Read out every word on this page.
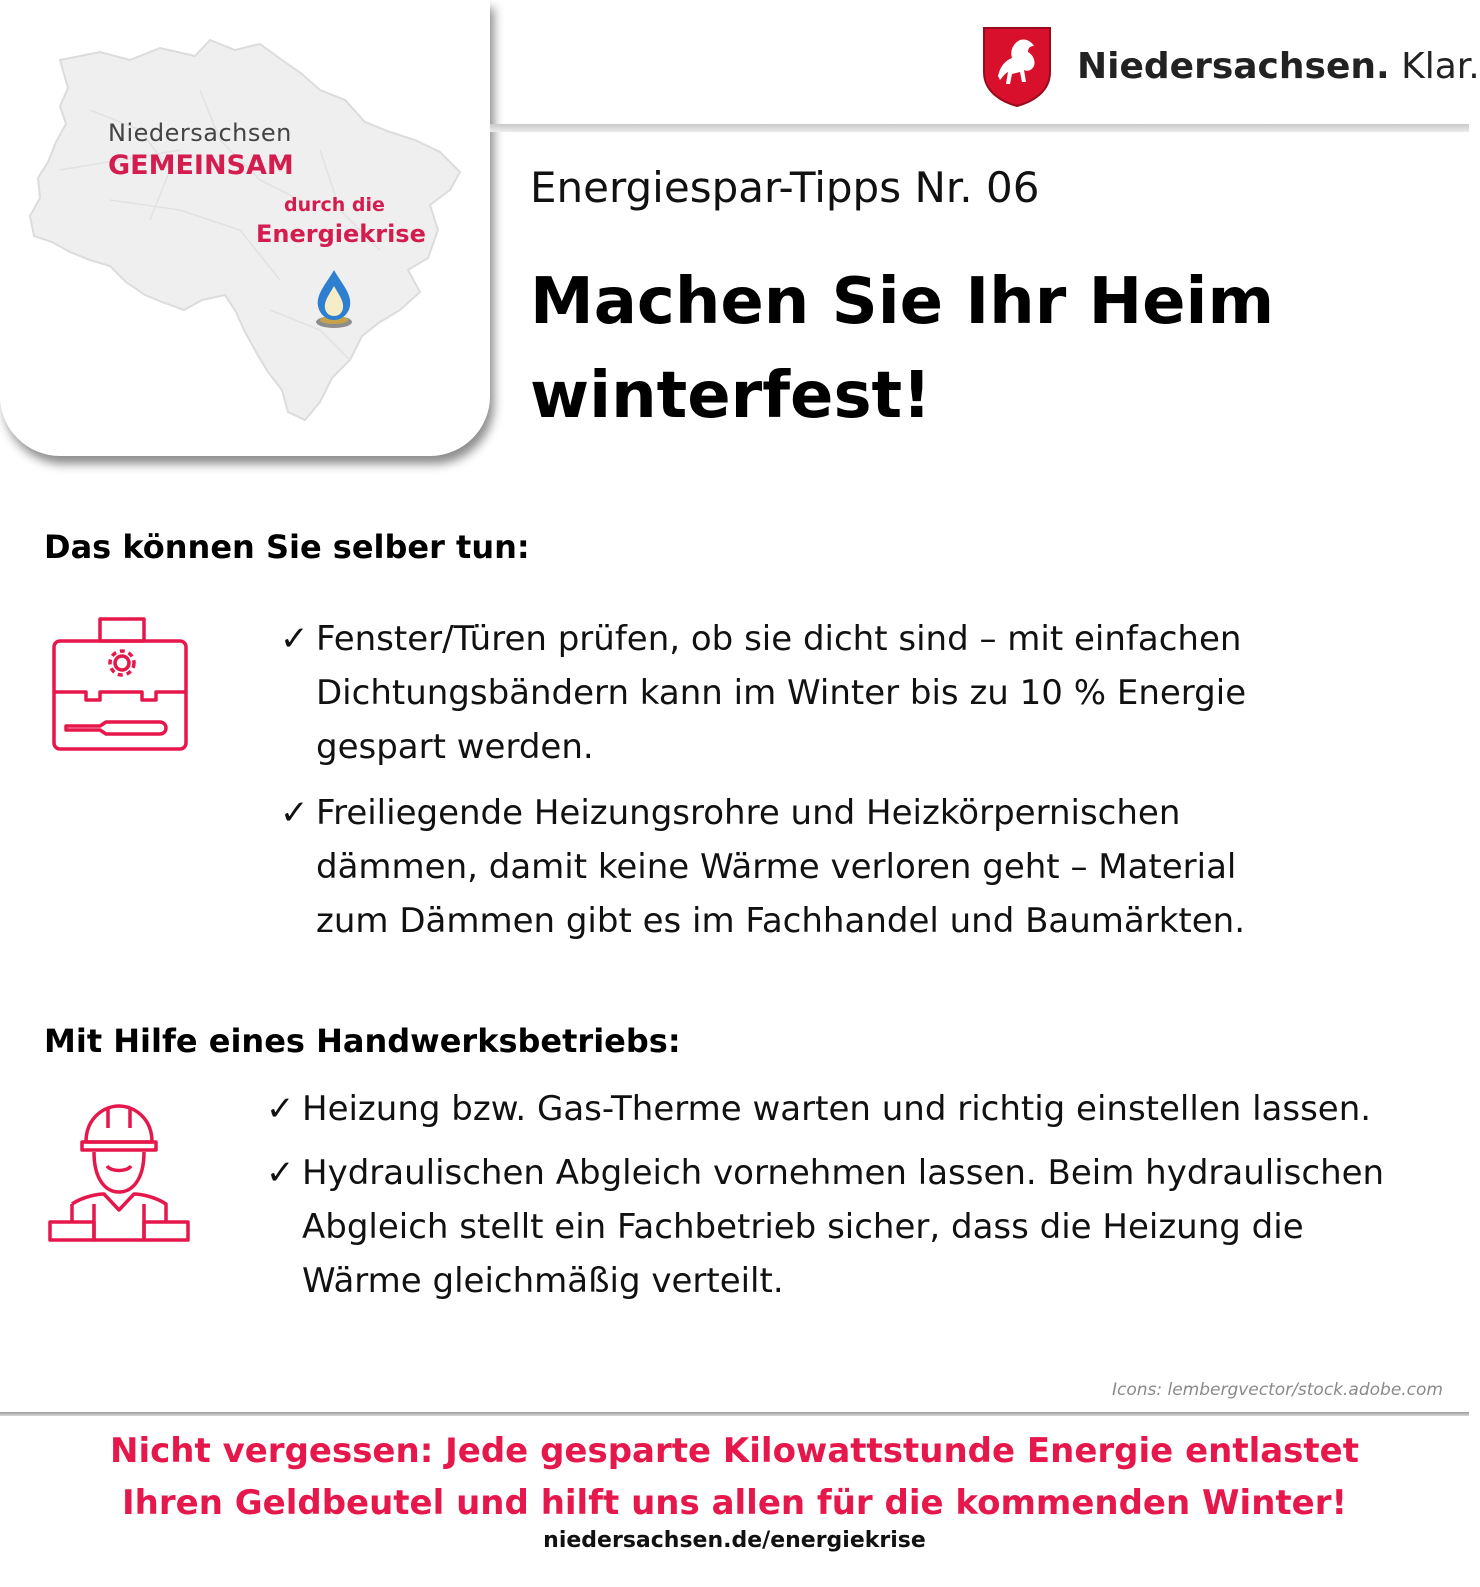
Niedersachsen
GEMEINSAM
durch die
Energiekrise
Niedersachsen. Klar.
Energiespar-Tipps Nr. 06
Machen Sie Ihr Heim
winterfest!
Das können Sie selber tun:
✓ Fenster/Türen prüfen, ob sie dicht sind – mit einfachen Dichtungsbändern kann im Winter bis zu 10 % Energie gespart werden.
✓ Freiliegende Heizungsrohre und Heizkörpernischen dämmen, damit keine Wärme verloren geht – Material zum Dämmen gibt es im Fachhandel und Baumärkten.
Mit Hilfe eines Handwerksbetriebs:
✓ Heizung bzw. Gas-Therme warten und richtig einstellen lassen.
✓ Hydraulischen Abgleich vornehmen lassen. Beim hydraulischen Abgleich stellt ein Fachbetrieb sicher, dass die Heizung die Wärme gleichmäßig verteilt.
Icons: lembergvector/stock.adobe.com
Nicht vergessen: Jede gesparte Kilowattstunde Energie entlastet
Ihren Geldbeutel und hilft uns allen für die kommenden Winter!
niedersachsen.de/energiekrise
